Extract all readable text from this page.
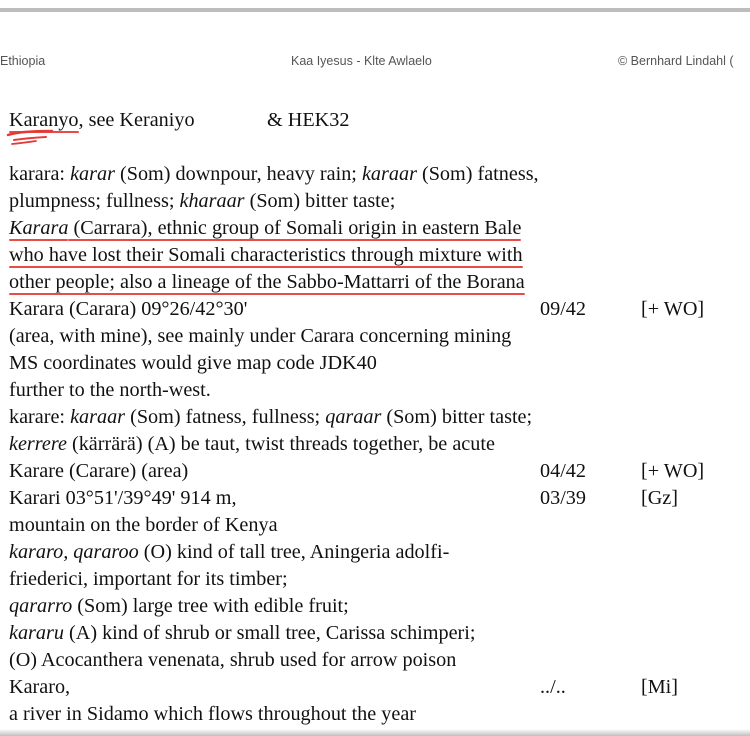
Ethiopia	Kaa Iyesus - Klte Awlaelo	© Bernhard Lindahl (
Karanyo, see Keraniyo	& HEK32
karara: karar (Som) downpour, heavy rain; karaar (Som) fatness,
plumpness; fullness; kharaar (Som) bitter taste;
Karara (Carrara), ethnic group of Somali origin in eastern Bale
who have lost their Somali characteristics through mixture with
other people; also a lineage of the Sabbo-Mattarri of the Borana
Karara (Carara) 09°26/42°30'	09/42	[+ WO]
(area, with mine), see mainly under Carara concerning mining
MS coordinates would give map code JDK40
further to the north-west.
karare: karaar (Som) fatness, fullness; qaraar (Som) bitter taste;
kerrere (kärrärä) (A) be taut, twist threads together, be acute
Karare (Carare) (area)	04/42	[+ WO]
Karari 03°51'/39°49' 914 m,	03/39	[Gz]
mountain on the border of Kenya
kararo, qararoo (O) kind of tall tree, Aningeria adolfi-
friederici, important for its timber;
qararro (Som) large tree with edible fruit;
kararu (A) kind of shrub or small tree, Carissa schimperi;
(O) Acocanthera venenata, shrub used for arrow poison
Kararo,	../..	[Mi]
a river in Sidamo which flows throughout the year
